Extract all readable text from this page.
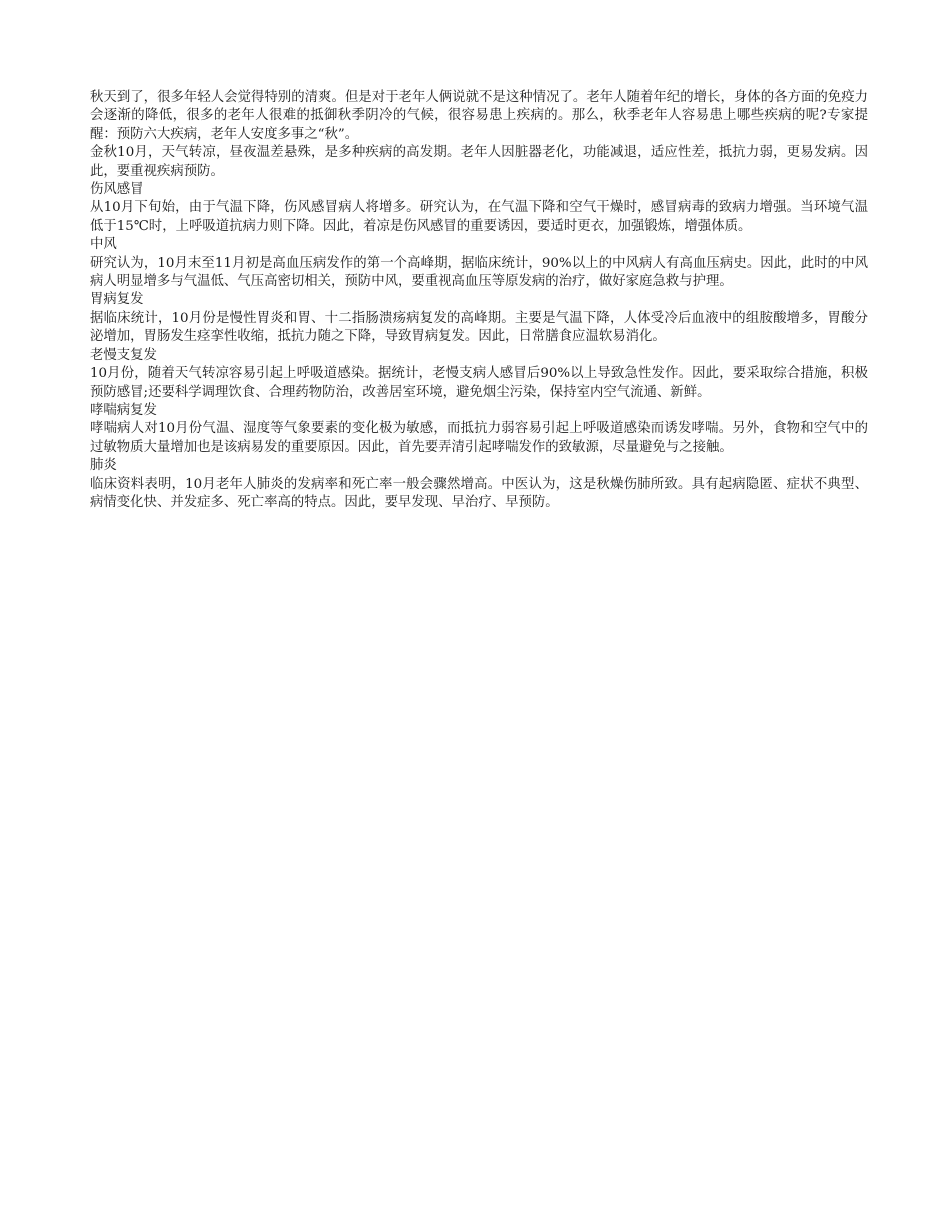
秋天到了，很多年轻人会觉得特别的清爽。但是对于老年人俩说就不是这种情况了。老年人随着年纪的增长，身体的各方面的免疫力会逐渐的降低，很多的老年人很难的抵御秋季阴冷的气候，很容易患上疾病的。那么，秋季老年人容易患上哪些疾病的呢?专家提醒：预防六大疾病，老年人安度多事之“秋”。

金秋10月，天气转凉，昼夜温差悬殊，是多种疾病的高发期。老年人因脏器老化，功能减退，适应性差，抵抗力弱，更易发病。因此，要重视疾病预防。

伤风感冒

从10月下旬始，由于气温下降，伤风感冒病人将增多。研究认为，在气温下降和空气干燥时，感冒病毒的致病力增强。当环境气温低于15℃时，上呼吸道抗病力则下降。因此，着凉是伤风感冒的重要诱因，要适时更衣，加强锻炼，增强体质。

中风

研究认为，10月末至11月初是高血压病发作的第一个高峰期，据临床统计，90%以上的中风病人有高血压病史。因此，此时的中风病人明显增多与气温低、气压高密切相关，预防中风，要重视高血压等原发病的治疗，做好家庭急救与护理。

胃病复发

据临床统计，10月份是慢性胃炎和胃、十二指肠溃疡病复发的高峰期。主要是气温下降，人体受冷后血液中的组胺酸增多，胃酸分泌增加，胃肠发生痉挛性收缩，抵抗力随之下降，导致胃病复发。因此，日常膳食应温软易消化。

老慢支复发

10月份，随着天气转凉容易引起上呼吸道感染。据统计，老慢支病人感冒后90%以上导致急性发作。因此，要采取综合措施，积极预防感冒;还要科学调理饮食、合理药物防治，改善居室环境，避免烟尘污染，保持室内空气流通、新鲜。

哮喘病复发

哮喘病人对10月份气温、湿度等气象要素的变化极为敏感，而抵抗力弱容易引起上呼吸道感染而诱发哮喘。另外，食物和空气中的过敏物质大量增加也是该病易发的重要原因。因此，首先要弄清引起哮喘发作的致敏源，尽量避免与之接触。

肺炎

临床资料表明，10月老年人肺炎的发病率和死亡率一般会骤然增高。中医认为，这是秋燥伤肺所致。具有起病隐匿、症状不典型、病情变化快、并发症多、死亡率高的特点。因此，要早发现、早治疗、早预防。
